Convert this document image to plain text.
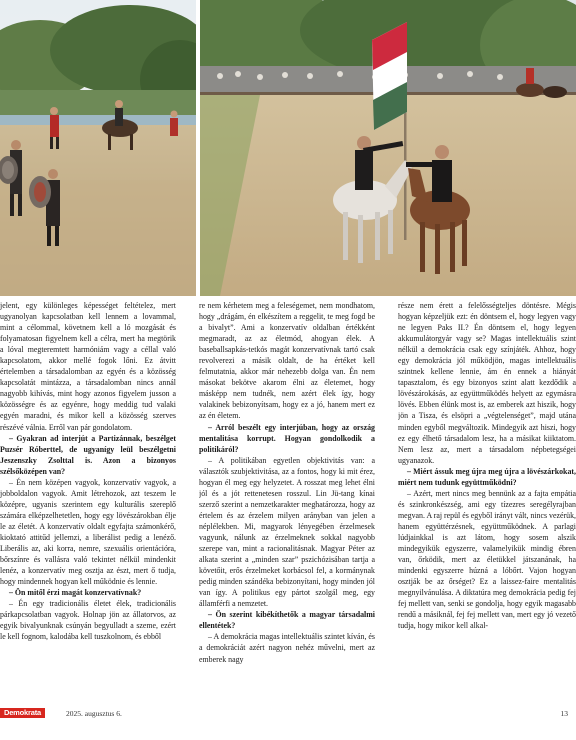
jelent, egy különleges képességet feltételez, mert ugyanolyan kapcsolatban kell lennem a lovammal, mint a célommal, követnem kell a ló mozgását és folyamatosan figyelnem kell a célra, mert ha megtörik a lóval megteremtett harmóniám vagy a céllal való kapcsolatom, akkor mellé fogok lőni. Ez átvitt értelemben a társadalomban az egyén és a közösség kapcsolatát mintázza, a társadalomban nincs annál nagyobb kihívás, mint hogy azonos figyelem jusson a közösségre és az egyénre, hogy meddig tud valaki egyén maradni, és mikor kell a közösség szerves részévé válnia. Erről van pár gondolatom.

– Gyakran ad interjút a Partizánnak, beszélget Puzsér Róberttel, de ugyanígy leül beszélgetni Jeszenszky Zsolttal is. Azon a bizonyos szélsőközépen van?

– Én nem középen vagyok, konzervatív vagyok, a jobboldalon vagyok. Amit létrehozok, azt teszem le középre, ugyanis szerintem egy kulturális szereplő számára elképzelhetetlen, hogy egy lövészárokban élje le az életét. A konzervatív oldalt egyfajta számonkérő, kioktató attitűd jellemzi, a liberálist pedig a lenéző. Liberális az, aki korra, nemre, szexuális orientációra, bőrszínre és vallásra való tekintet nélkül mindenkit lenéz, a konzervatív meg osztja az észt, mert ő tudja, hogy mindennek hogyan kell működnie és lennie.

– Ön mitől érzi magát konzervatívnak?

– Én egy tradicionális életet élek, tradicionális párkapcsolatban vagyok. Holnap jön az állatorvos, az egyik bivalyunknak csúnyán begyulladt a szeme, ezért le kell fognom, kalodába kell tuszkolnom, és ebből

re nem kérhetem meg a feleségemet, nem mondhatom, hogy „drágám, én elkészítem a reggelit, te meg fogd be a bivalyt”. Ami a konzervatív oldalban értékként megmaradt, az az életmód, ahogyan élek. A baseballsapkás-tetkós magát konzervatívnak tartó csak revolverezi a másik oldalt, de ha értéket kell felmutatnia, akkor már nehezebb dolga van. Én nem másokat bekötve akarom élni az életemet, hogy másképp nem tudnék, nem azért élek így, hogy valakinek bebizonyítsam, hogy ez a jó, hanem mert ez az én életem.

– Arról beszélt egy interjúban, hogy az ország mentalitása korrupt. Hogyan gondolkodik a politikáról?

– A politikában egyetlen objektivitás van: a választók szubjektivitása, az a fontos, hogy ki mit érez, hogyan él meg egy helyzetet. A rosszat meg lehet élni jól és a jót rettenetesen rosszul. Lin Jü-tang kínai szerző szerint a nemzetkarakter meghatározza, hogy az értelem és az érzelem milyen arányban van jelen a néplélekben. Mi, magyarok lényegében érzelmesek vagyunk, nálunk az érzelmeknek sokkal nagyobb szerepe van, mint a racionalitásnak. Magyar Péter az alkata szerint a „minden szar” pszichózisában tartja a követőit, erős érzelmeket korbácsol fel, a kormánynak pedig minden szándéka bebizonyítani, hogy minden jól van így. A politikus egy pártot szolgál meg, egy államférfi a nemzetet.

– Ön szerint kibékíthetők a magyar társadalmi ellentétek?

– A demokrácia magas intellektuális szintet kíván, és a demokráciát azért nagyon nehéz művelni, mert az emberek nagy

része nem érett a felelősségteljes döntésre. Mégis hogyan képzeljük ezt: én döntsem el, hogy legyen vagy ne legyen Paks II.? Én döntsem el, hogy legyen akkumulátorgyár vagy se? Magas intellektuális szint nélkül a demokrácia csak egy színjáték. Ahhoz, hogy egy demokrácia jól működjön, magas intellektuális szintnek kellene lennie, ám én ennek a hiányát tapasztalom, és egy bizonyos szint alatt kezdődik a lövészárokásás, az együttműködés helyett az egymásra lövés. Ebben élünk most is, az emberek azt hiszik, hogy jön a Tisza, és elsöpri a „végtelenséget”, majd utána minden egyből megváltozik. Mindegyik azt hiszi, hogy ez egy élhető társadalom lesz, ha a másikat kiiktatom. Nem lesz az, mert a társadalom népbetegségei ugyanazok.

– Miért ássuk meg újra meg újra a lövészárkokat, miért nem tudunk együttműködni?

– Azért, mert nincs meg bennünk az a fajta empátia és szinkronkészség, ami egy tízezres seregélyrajban megvan. A raj repül és egyből irányt vált, nincs vezérük, hanem együttérzésnek, együttműködnek. A parlagi lúdjainkkal is azt látom, hogy sosem alszik mindegyikük egyszerre, valamelyikük mindig ébren van, őrködik, mert az életükkel játszanának, ha mindenki egyszerre húzná a lóbőrt. Vajon hogyan osztják be az őrséget? Ez a laissez-faire mentalitás megnyilvánulása. A diktatúra meg demokrácia pedig fej fej mellett van, senki se gondolja, hogy egyik magasabb rendű a másiknál, fej fej mellett van, mert egy jó vezető tudja, hogy mikor kell alkal-

Demokrata	2025. augusztus 6.	13
